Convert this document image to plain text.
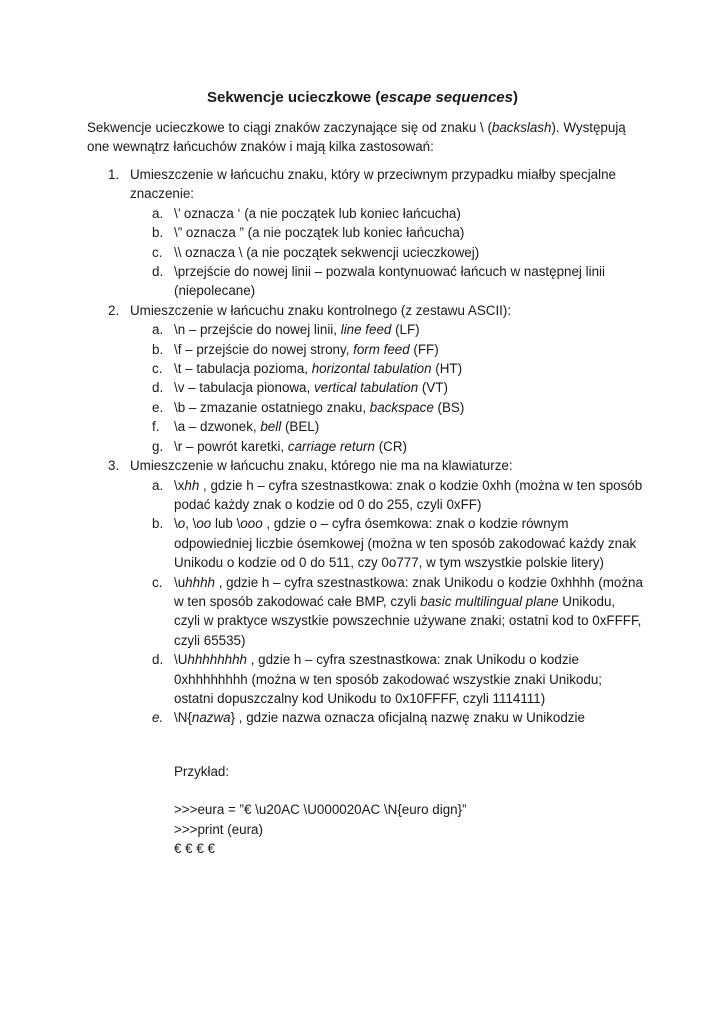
Sekwencje ucieczkowe (escape sequences)
Sekwencje ucieczkowe to ciągi znaków zaczynające się od znaku \ (backslash). Występują
one wewnątrz łańcuchów znaków i mają kilka zastosowań:
1. Umieszczenie w łańcuchu znaku, który w przeciwnym przypadku miałby specjalne
znaczenie:
a. \’ oznacza ‘ (a nie początek lub koniec łańcucha)
b. \” oznacza ” (a nie początek lub koniec łańcucha)
c. \\ oznacza \ (a nie początek sekwencji ucieczkowej)
d. \przejście do nowej linii – pozwala kontynuować łańcuch w następnej linii
(niepolecane)
2. Umieszczenie w łańcuchu znaku kontrolnego (z zestawu ASCII):
a. \n – przejście do nowej linii, line feed (LF)
b. \f – przejście do nowej strony, form feed (FF)
c. \t – tabulacja pozioma, horizontal tabulation (HT)
d. \v – tabulacja pionowa, vertical tabulation (VT)
e. \b – zmazanie ostatniego znaku, backspace (BS)
f. \a – dzwonek, bell (BEL)
g. \r – powrót karetki, carriage return (CR)
3. Umieszczenie w łańcuchu znaku, którego nie ma na klawiaturze:
a. \xhh , gdzie h – cyfra szestnastkowa: znak o kodzie 0xhh (można w ten sposób
podać każdy znak o kodzie od 0 do 255, czyli 0xFF)
b. \o, \oo lub \ooo , gdzie o – cyfra ósemkowa: znak o kodzie równym
odpowiedniej liczbie ósemkowej (można w ten sposób zakodować każdy znak
Unikodu o kodzie od 0 do 511, czy 0o777, w tym wszystkie polskie litery)
c. \uhhhh , gdzie h – cyfra szestnastkowa: znak Unikodu o kodzie 0xhhhh (można
w ten sposób zakodować całe BMP, czyli basic multilingual plane Unikodu,
czyli w praktyce wszystkie powszechnie używane znaki; ostatni kod to 0xFFFF,
czyli 65535)
d. \Uhhhhhhhh , gdzie h – cyfra szestnastkowa: znak Unikodu o kodzie
0xhhhhhhhh (można w ten sposób zakodować wszystkie znaki Unikodu;
ostatni dopuszczalny kod Unikodu to 0x10FFFF, czyli 1114111)
e. \N{nazwa} , gdzie nazwa oznacza oficjalną nazwę znaku w Unikodzie
Przykład:
>>>eura = ”€ \u20AC \U000020AC \N{euro dign}”
>>>print (eura)
€ € € €
